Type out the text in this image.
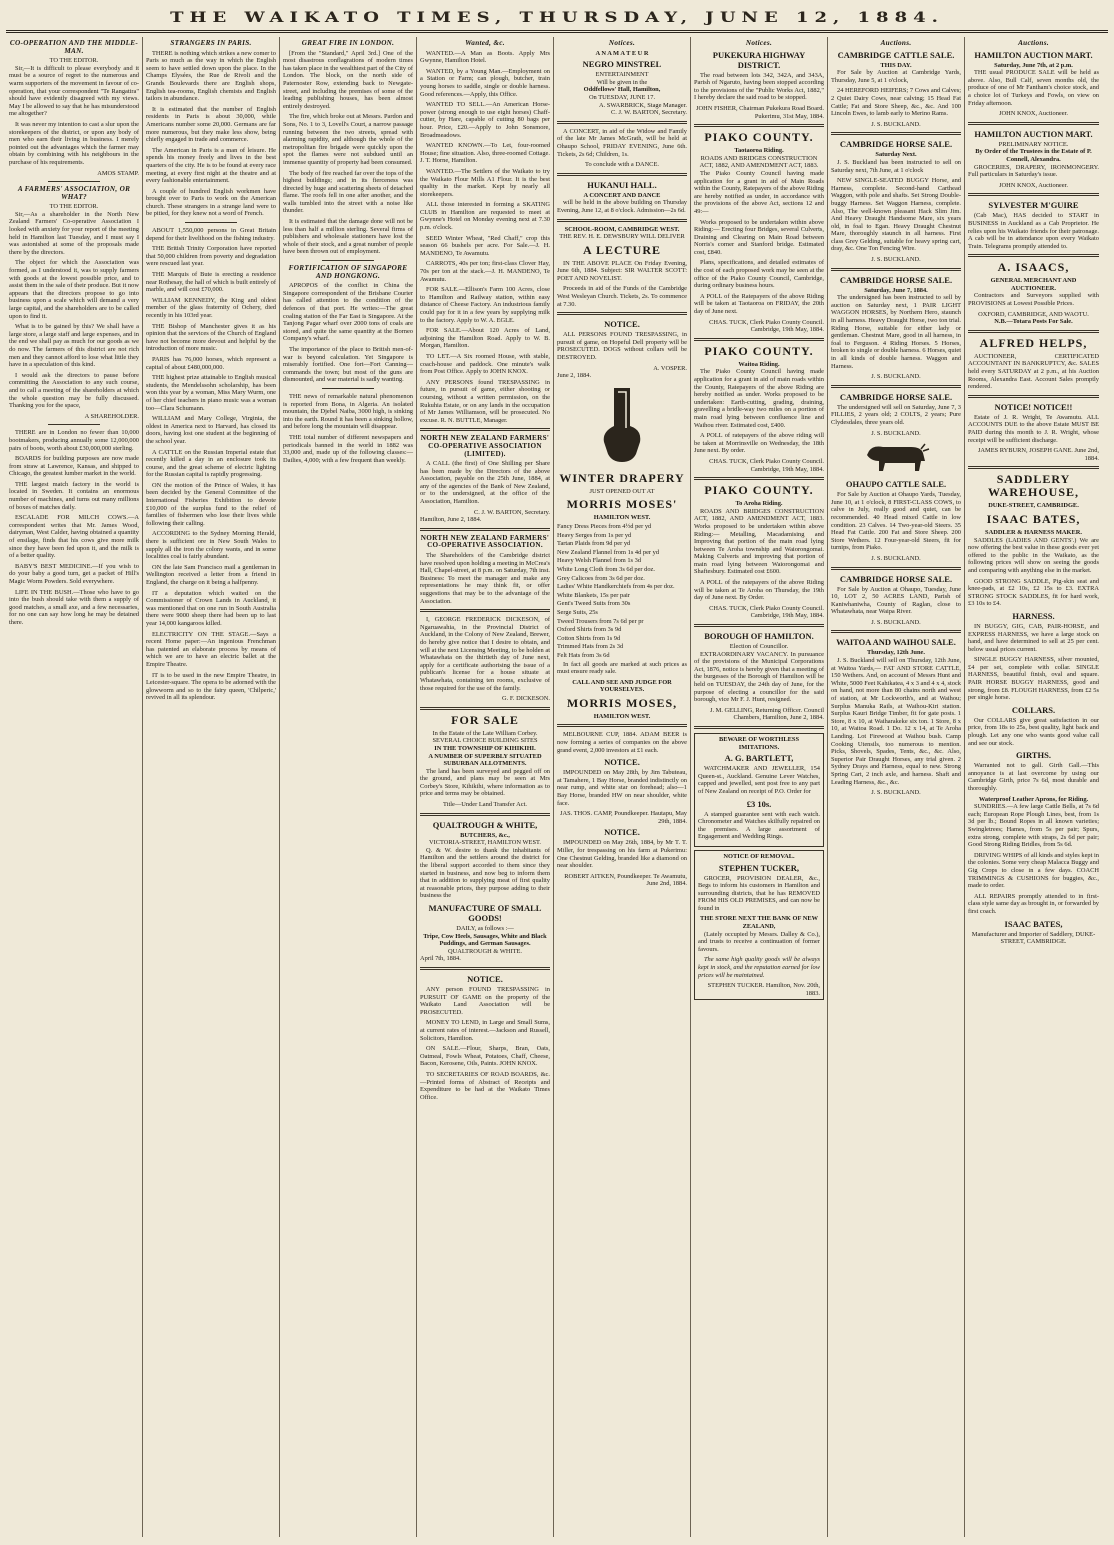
THE WAIKATO TIMES, THURSDAY, JUNE 12, 1884.
CO-OPERATION AND THE MIDDLE-MAN.
TO THE EDITOR.

Sir,—It is difficult to please everybody and it must be a source of regret to the numerous and warm supporters of the movement in favour of co-operation, that your correspondent "Te Rangatira" should have evidently disagreed with my views. May I be allowed to say that he has misunderstood me altogether?

It was never my intention to cast a slur upon the storekeepers of the district, or upon any body of men who earn their living in business. I merely pointed out the advantages which the farmer may obtain by combining with his neighbours in the purchase of his requirements.

AMOS STAMP.
A FARMERS' ASSOCIATION, OR WHAT?
TO THE EDITOR.

Sir,—As a shareholder in the North New Zealand Farmers' Co-operative Association I looked with anxiety for your report of the meeting held in Hamilton last Tuesday, and I must say I was astonished at some of the proposals made there by the directors.

The object for which the Association was formed, as I understood it, was to supply farmers with goods at the lowest possible price, and to assist them in the sale of their produce. But it now appears that the directors propose to go into business upon a scale which will demand a very large capital, and the shareholders are to be called upon to find it.

What is to be gained by this? We shall have a large store, a large staff and large expenses, and in the end we shall pay as much for our goods as we do now. The farmers of this district are not rich men and they cannot afford to lose what little they have in a speculation of this kind.

I would ask the directors to pause before committing the Association to any such course, and to call a meeting of the shareholders at which the whole question may be fully discussed. Thanking you for the space,

A SHAREHOLDER.

THERE are in London no fewer than 10,000 bootmakers, producing annually some 12,000,000 pairs of boots, worth about £30,000,000 sterling.

BOARDS for building purposes are now made from straw at Lawrence, Kansas, and shipped to Chicago, the greatest lumber market in the world.

THE largest match factory in the world is located in Sweden. It contains an enormous number of machines, and turns out many millions of boxes of matches daily.

ESCALADE FOR MILCH COWS.—A correspondent writes that Mr. James Wood, dairyman, West Calder, having obtained a quantity of ensilage, finds that his cows give more milk since they have been fed upon it, and the milk is of a better quality.

BABY'S BEST MEDICINE.—If you wish to do your baby a good turn, get a packet of Hill's Magic Worm Powders. Sold everywhere.

LIFE IN THE BUSH.—Those who have to go into the bush should take with them a supply of good matches, a small axe, and a few necessaries, for no one can say how long he may be detained there.

STRANGERS IN PARIS.

THERE is nothing which strikes a new comer to Paris so much as the way in which the English seem to have settled down upon the place. In the Champs Elysées, the Rue de Rivoli and the Grands Boulevards there are English shops, English tea-rooms, English chemists and English tailors in abundance.

It is estimated that the number of English residents in Paris is about 30,000, while Americans number some 20,000. Germans are far more numerous, but they make less show, being chiefly engaged in trade and commerce.

The American in Paris is a man of leisure. He spends his money freely and lives in the best quarters of the city. He is to be found at every race meeting, at every first night at the theatre and at every fashionable entertainment.

A couple of hundred English workmen have brought over to Paris to work on the American church. These strangers in a strange land were to be pitied, for they knew not a word of French.

ABOUT 1,550,000 persons in Great Britain depend for their livelihood on the fishing industry.

THE British Trinity Corporation have reported that 50,000 children from poverty and degradation were rescued last year.

THE Marquis of Bute is erecting a residence near Rothesay, the hall of which is built entirely of marble, and will cost £70,000.

WILLIAM KENNEDY, the King and oldest member of the glass fraternity of Ochery, died recently in his 103rd year.

THE Bishop of Manchester gives it as his opinion that the services of the Church of England have not become more devout and helpful by the introduction of more music.

PARIS has 76,000 horses, which represent a capital of about £480,000,000.

THE highest prize attainable to English musical students, the Mendelssohn scholarship, has been won this year by a woman, Miss Mary Wurm, one of her chief teachers in piano music was a woman too—Clara Schumann.

WILLIAM and Mary College, Virginia, the oldest in America next to Harvard, has closed its doors, having lost one student at the beginning of the school year.

A CATTLE on the Russian Imperial estate that recently killed a day in an enclosure took its course, and the great scheme of electric lighting for the Russian capital is rapidly progressing.

ON the motion of the Prince of Wales, it has been decided by the General Committee of the International Fisheries Exhibition to devote £10,000 of the surplus fund to the relief of families of fishermen who lose their lives while following their calling.

ACCORDING to the Sydney Morning Herald, there is sufficient ore in New South Wales to supply all the iron the colony wants, and in some localities coal is fairly abundant.

ON the late Sam Francisco mail a gentleman in Wellington received a letter from a friend in England, the charge on it being a halfpenny.

IT a deputation which waited on the Commissioner of Crown Lands in Auckland, it was mentioned that on one run in South Australia there were 9000 sheep there had been up to last year 14,000 kangaroos killed.

ELECTRICITY ON THE STAGE.—Says a recent Home paper:—An ingenious Frenchman has patented an elaborate process by means of which we are to have an electric ballet at the Empire Theatre.

IT is to be used in the new Empire Theatre, in Leicester-square. The opera to be adorned with the glowworm and so to the fairy queen, 'Chilperic,' revived in all its splendour.

GREAT FIRE IN LONDON.

[From the "Standard," April 3rd.] One of the most disastrous conflagrations of modern times has taken place in the wealthiest part of the City of London. The block, on the north side of Paternoster Row, extending back to Newgate-street, and including the premises of some of the leading publishing houses, has been almost entirely destroyed.

The fire, which broke out at Messrs. Pardon and Sons, No. 1 to 3, Lovell's Court, a narrow passage running between the two streets, spread with alarming rapidity, and although the whole of the metropolitan fire brigade were quickly upon the spot the flames were not subdued until an immense quantity of property had been consumed.

The body of fire reached far over the tops of the highest buildings; and in its fierceness was directed by huge and scattering sheets of detached flame. The roofs fell in one after another, and the walls tumbled into the street with a noise like thunder.

It is estimated that the damage done will not be less than half a million sterling. Several firms of publishers and wholesale stationers have lost the whole of their stock, and a great number of people have been thrown out of employment.

FORTIFICATION OF SINGAPORE AND HONGKONG.

APROPOS of the conflict in China the Singapore correspondent of the Brisbane Courier has called attention to the condition of the defences of that port. He writes:—The great coaling station of the Far East is Singapore. At the Tanjong Pagar wharf over 2000 tons of coals are stored, and quite the same quantity at the Borneo Company's wharf.

The importance of the place to British men-of-war is beyond calculation. Yet Singapore is miserably fortified. One fort—Fort Canning—commands the town; but most of the guns are dismounted, and war material is sadly wanting.

THE news of remarkable natural phenomenon is reported from Bona, in Algeria. An isolated mountain, the Djebel Naiba, 3000 high, is sinking into the earth. Round it has been a sinking hollow, and before long the mountain will disappear.

THE total number of different newspapers and periodicals banned in the world in 1882 was 33,000 and, made up of the following classes:—Dailies, 4,000; with a few frequent than weekly.

Wanted, &c.

WANTED.—A Man as Boots. Apply Mrs Gwynne, Hamilton Hotel.

WANTED, by a Young Man.—Employment on a Station or Farm; can plough, butcher, train young horses to saddle, single or double harness. Good references.—Apply, this Office.

WANTED TO SELL.—An American Horse-power (strong enough to use eight horses) Chaff-cutter, by Hare, capable of cutting 80 bags per hour. Price, £20.—Apply to John Sonsmore, Broadmeadows.

WANTED KNOWN.—To Let, four-roomed House; fine situation. Also, three-roomed Cottage. J. T. Horne, Hamilton.

WANTED.—The Settlers of the Waikato to try the Waikato Flour Mills A1 Flour. It is the best quality in the market. Kept by nearly all storekeepers.

ALL those interested in forming a SKATING CLUB in Hamilton are requested to meet at Gwynne's Hotel on Monday evening next at 7.30 p.m. o'clock.

SEED Winter Wheat, "Red Chaff," crop this season 66 bushels per acre. For Sale.—J. H. MANDENO, Te Awamutu.

CARROTS, 40s per ton; first-class Clover Hay, 70s per ton at the stack.—J. H. MANDENO, Te Awamutu.

FOR SALE.—Ellison's Farm 100 Acres, close to Hamilton and Railway station, within easy distance of Cheese Factory. An industrious family could pay for it in a few years by supplying milk to the factory. Apply to W. A. EGLE.

FOR SALE.—About 120 Acres of Land, adjoining the Hamilton Road. Apply to W. B. Morgan, Hamilton.

TO LET.—A Six roomed House, with stable, coach-house and paddock. One minute's walk from Post Office. Apply to JOHN KNOX.

ANY PERSONS found TRESPASSING in future, in pursuit of game, either shooting or coursing, without a written permission, on the Rukuhia Estate, or on any lands in the occupation of Mr James Williamson, will be prosecuted. No excuse. R. N. BUTTLE, Manager.

NORTH NEW ZEALAND FARMERS' CO-OPERATIVE ASSOCIATION (LIMITED).

A CALL (the first) of One Shilling per Share has been made by the Directors of the above Association, payable on the 25th June, 1884, at any of the agencies of the Bank of New Zealand, or to the undersigned, at the office of the Association, Hamilton.

C. J. W. BARTON, Secretary.
Hamilton, June 2, 1884.
NORTH NEW ZEALAND FARMERS' CO-OPERATIVE ASSOCIATION.

The Shareholders of the Cambridge district have resolved upon holding a meeting in McCrea's Hall, Chapel-street, at 8 p.m. on Saturday, 7th inst. Business: To meet the manager and make any representations he may think fit, or offer suggestions that may be to the advantage of the Association.

I, GEORGE FREDERICK DICKESON, of Ngaruawahia, in the Provincial District of Auckland, in the Colony of New Zealand, Brewer, do hereby give notice that I desire to obtain, and will at the next Licensing Meeting, to be holden at Whatawhata on the thirtieth day of June next, apply for a certificate authorising the issue of a publican's license for a house situate at Whatawhata, containing ten rooms, exclusive of those required for the use of the family.

G. F. DICKESON.
FOR SALE
In the Estate of the Late William Corbey.
SEVERAL CHOICE BUILDING SITES
IN THE TOWNSHIP OF KIHIKIHI.
A NUMBER OF SUPERBLY SITUATED SUBURBAN ALLOTMENTS.

The land has been surveyed and pegged off on the ground, and plans may be seen at Mrs Corbey's Store, Kihikihi, where information as to price and terms may be obtained.

Title—Under Land Transfer Act.
QUALTROUGH & WHITE,
BUTCHERS, &c.,
VICTORIA-STREET, HAMILTON WEST.

Q. & W. desire to thank the inhabitants of Hamilton and the settlers around the district for the liberal support accorded to them since they started in business, and now beg to inform them that in addition to supplying meat of first quality at reasonable prices, they purpose adding to their business the

MANUFACTURE OF SMALL GOODS!
DAILY, as follows :—
Tripe, Cow Heels, Sausages, White and Black Puddings, and German Sausages.
QUALTROUGH & WHITE.
April 7th, 1884.
NOTICE.

ANY person FOUND TRESPASSING in PURSUIT OF GAME on the property of the Waikato Land Association will be PROSECUTED.

MONEY TO LEND, in Large and Small Sums, at current rates of interest.—Jackson and Russell, Solicitors, Hamilton.

ON SALE.—Flour, Sharps, Bran, Oats, Oatmeal, Fowls Wheat, Potatoes, Chaff, Cheese, Bacon, Kerosene, Oils, Paints. JOHN KNOX.

TO SECRETARIES OF ROAD BOARDS, &c.—Printed forms of Abstract of Receipts and Expenditure to be had at the Waikato Times Office.

Notices.
A N A M A T E U R
NEGRO MINSTREL
ENTERTAINMENT
Will be given in the
Oddfellows' Hall, Hamilton,
On TUESDAY, JUNE 17.
A. SWARBRICK, Stage Manager.
C. J. W. BARTON, Secretary.

A CONCERT, in aid of the Widow and Family of the late Mr James McGrath, will be held at Ohaupo School, FRIDAY EVENING, June 6th. Tickets, 2s 6d; Children, 1s.

To conclude with a DANCE.
HUKANUI HALL.
A CONCERT AND DANCE

will be held in the above building on Thursday Evening, June 12, at 8 o'clock. Admission—2s 6d.

SCHOOL-ROOM, CAMBRIDGE WEST.
THE REV. H. E. DEWSBURY WILL DELIVER
A LECTURE

IN THE ABOVE PLACE On Friday Evening, June 6th, 1884. Subject: SIR WALTER SCOTT: POET AND NOVELIST.

Proceeds in aid of the Funds of the Cambridge West Wesleyan Church. Tickets, 2s. To commence at 7.30.

NOTICE.

ALL PERSONS FOUND TRESPASSING, in pursuit of game, on Hopeful Dell property will be PROSECUTED. DOGS without collars will be DESTROYED.

A. VOSPER.
June 2, 1884.
WINTER DRAPERY
JUST OPENED OUT AT
MORRIS MOSES'
HAMILTON WEST.
Fancy Dress Pieces from 4½d per yd
Heavy Serges from 1s per yd
Tartan Plaids from 9d per yd
New Zealand Flannel from 1s 4d per yd
Heavy Welsh Flannel from 1s 3d
White Long Cloth from 3s 6d per doz.
Grey Calicoes from 3s 6d per doz.
Ladies' White Handkerchiefs from 4s per doz.
White Blankets, 15s per pair
Gent's Tweed Suits from 30s
Serge Suits, 25s
Tweed Trousers from 7s 6d per pr
Oxford Shirts from 3s 9d
Cotton Shirts from 1s 9d
Trimmed Hats from 2s 3d
Felt Hats from 3s 6d

In fact all goods are marked at such prices as must ensure ready sale.

CALL AND SEE AND JUDGE FOR YOURSELVES.
MORRIS MOSES,
HAMILTON WEST.

MELBOURNE CUP, 1884. ADAM BEER is now forming a series of companies on the above grand event, 2,000 investors at £1 each.

NOTICE.

IMPOUNDED on May 28th, by Jim Tabuteau, at Tamahere, 1 Bay Horse, branded indistinctly on near rump, and white star on forehead; also—1 Bay Horse, branded HW on near shoulder, white face.

JAS. THOS. CAMP, Poundkeeper. Hautapu, May 29th, 1884.
NOTICE.

IMPOUNDED on May 26th, 1884, by Mr T. T. Miller, for trespassing on his farm at Pukerimu: One Chestnut Gelding, branded like a diamond on near shoulder.

ROBERT AITKEN, Poundkeeper. Te Awamutu, June 2nd, 1884.
Notices.
PUKEKURA HIGHWAY DISTRICT.

The road between lots 342, 342A, and 343A, Parish of Ngaruto, having been stopped according to the provisions of the "Public Works Act, 1882," I hereby declare the said road to be stopped.

JOHN FISHER, Chairman Pukekura Road Board. Pukerimu, 31st May, 1884.
PIAKO COUNTY.
Taotaoroa Riding.
ROADS AND BRIDGES CONSTRUCTION ACT, 1882, AND AMENDMENT ACT, 1883.

The Piako County Council having made application for a grant in aid of Main Roads within the County, Ratepayers of the above Riding are hereby notified as under, in accordance with the provisions of the above Act, sections 12 and 49:—

Works proposed to be undertaken within above Riding:— Erecting four Bridges, several Culverts, Draining and Clearing on Main Road between Norris's corner and Stanford bridge. Estimated cost, £840.

Plans, specifications, and detailed estimates of the cost of each proposed work may be seen at the office of the Piako County Council, Cambridge, during ordinary business hours.

A POLL of the Ratepayers of the above Riding will be taken at Taotaoroa on FRIDAY, the 20th day of June next.

CHAS. TUCK, Clerk Piako County Council. Cambridge, 19th May, 1884.
PIAKO COUNTY.
Waitoa Riding.

The Piako County Council having made application for a grant in aid of main roads within the County, Ratepayers of the above Riding are hereby notified as under. Works proposed to be undertaken: Earth-cutting, grading, draining, gravelling a bridle-way two miles on a portion of main road lying between confluence line and Waihou river. Estimated cost, £400.

A POLL of ratepayers of the above riding will be taken at Morrinsville on Wednesday, the 18th June next. By order.

CHAS. TUCK, Clerk Piako County Council. Cambridge, 19th May, 1884.
PIAKO COUNTY.
To Aroha Riding.

ROADS AND BRIDGES CONSTRUCTION ACT, 1882, AND AMENDMENT ACT, 1883. Works proposed to be undertaken within above Riding:— Metalling, Macadamising and Improving that portion of the main road lying between Te Aroha township and Waiorongomai. Making Culverts and improving that portion of main road lying between Waiorongomai and Shaftesbury. Estimated cost £600.

A POLL of the ratepayers of the above Riding will be taken at Te Aroha on Thursday, the 19th day of June next. By Order.

CHAS. TUCK, Clerk Piako County Council. Cambridge, 19th May, 1884.
BOROUGH OF HAMILTON.
Election of Councillor.

EXTRAORDINARY VACANCY. In pursuance of the provisions of the Municipal Corporations Act, 1876, notice is hereby given that a meeting of the burgesses of the Borough of Hamilton will be held on TUESDAY, the 24th day of June, for the purpose of electing a councillor for the said borough, vice Mr F. J. Hunt, resigned.

J. M. GELLING, Returning Officer. Council Chambers, Hamilton, June 2, 1884.
BEWARE OF WORTHLESS IMITATIONS.
A. G. BARTLETT,

WATCHMAKER AND JEWELLER, 154 Queen-st., Auckland. Genuine Lever Watches, capped and jewelled, sent post free to any part of New Zealand on receipt of P.O. Order for

£3 10s.

A stamped guarantee sent with each watch. Chronometer and Watches skilfully repaired on the premises. A large assortment of Engagement and Wedding Rings.

NOTICE OF REMOVAL.
STEPHEN TUCKER,

GROCER, PROVISION DEALER, &c., Begs to inform his customers in Hamilton and surrounding districts, that he has REMOVED FROM HIS OLD PREMISES, and can now be found in

THE STORE NEXT THE BANK OF NEW ZEALAND,

(Lately occupied by Messrs. Dalley & Co.), and trusts to receive a continuation of former favours.

The same high quality goods will be always kept in stock, and the reputation earned for low prices will be maintained.

STEPHEN TUCKER. Hamilton, Nov. 20th, 1883.
Auctions.
CAMBRIDGE CATTLE SALE.
THIS DAY.

For Sale by Auction at Cambridge Yards, Thursday, June 5, at 1 o'clock,

24 HEREFORD HEIFERS; 7 Cows and Calves; 2 Quiet Dairy Cows, near calving; 15 Head Fat Cattle; Fat and Store Sheep, &c., &c. And 100 Lincoln Ewes, to lamb early to Merino Rams.

J. S. BUCKLAND.
CAMBRIDGE HORSE SALE.
Saturday Next.

J. S. Buckland has been instructed to sell on Saturday next, 7th June, at 1 o'clock

NEW SINGLE-SEATED BUGGY Horse, and Harness, complete. Second-hand Carthead Waggon, with pole and shafts. Set Strong Double-buggy Harness. Set Waggon Harness, complete. Also, The well-known pleasant Hack Slim Jim. And Heavy Draught Handsome Mare, six years old, in foal to Egan. Heavy Draught Chestnut Mare, thoroughly staunch in all harness. First class Grey Gelding, suitable for heavy spring cart, dray, &c. One Ton Fencing Wire.

J. S. BUCKLAND.
CAMBRIDGE HORSE SALE.
Saturday, June 7, 1884.

The undersigned has been instructed to sell by auction on Saturday next, 1 PAIR LIGHT WAGGON HORSES, by Northern Hero, staunch in all harness. Heavy Draught Horse, two ton trial. Riding Horse, suitable for either lady or gentleman. Chestnut Mare, good in all harness, in foal to Ferguson. 4 Riding Horses. 5 Horses, broken to single or double harness. 6 Horses, quiet in all kinds of double harness. Waggon and Harness.

J. S. BUCKLAND.
CAMBRIDGE HORSE SALE.

The undersigned will sell on Saturday, June 7, 3 FILLIES, 2 years old; 2 COLTS, 2 years; Pure Clydesdales, three years old.

J. S. BUCKLAND.
OHAUPO CATTLE SALE.

For Sale by Auction at Ohaupo Yards, Tuesday, June 10, at 1 o'clock, 8 FIRST-CLASS COWS, to calve in July, really good and quiet, can be recommended. 40 Head mixed Cattle in low condition. 23 Calves. 14 Two-year-old Steers. 35 Head Fat Cattle. 200 Fat and Store Sheep. 200 Store Wethers. 12 Four-year-old Steers, fit for turnips, from Piako.

J. S. BUCKLAND.
CAMBRIDGE HORSE SALE.

For Sale by Auction at Ohaupo, Tuesday, June 10, LOT 2, 50 ACRES LAND, Parish of Kaniwhaniwha, County of Raglan, close to Whatawhata, near Waipa River.

J. S. BUCKLAND.
WAITOA AND WAIHOU SALE.
Thursday, 12th June.

J. S. Buckland will sell on Thursday, 12th June, at Waitoa Yards,— FAT AND STORE CATTLE, 150 Wethers. And, on account of Messrs Hunt and White, 5000 Feet Kahikatea, 4 x 3 and 4 x 4, stock on hand, not more than 80 chains north and west of station, at Mr Lockworth's, and at Waihou; Surplus Manuka Rails, at Waihou-Kiri station. Surplus Kauri Bridge Timber, fit for gate posts. 1 Store, 8 x 10, at Waiharakeke six ton. 1 Store, 8 x 10, at Waitoa Road. 1 Do. 12 x 14, at Te Aroha Landing. Lot Firewood at Waihou bush. Camp Cooking Utensils, too numerous to mention. Picks, Shovels, Spades, Tents, &c., &c. Also, Superior Pair Draught Horses, any trial given. 2 Sydney Drays and Harness, equal to new. Strong Spring Cart, 2 inch axle, and harness. Shaft and Leading Harness, &c., &c.

J. S. BUCKLAND.
Auctions.
HAMILTON AUCTION MART.
Saturday, June 7th, at 2 p.m.

THE usual PRODUCE SALE will be held as above. Also, Bull Calf, seven months old, the produce of one of Mr Fantham's choice stock, and a choice lot of Turkeys and Fowls, on view on Friday afternoon.

JOHN KNOX, Auctioneer.
HAMILTON AUCTION MART.
PRELIMINARY NOTICE.
By Order of the Trustees in the Estate of P. Connell, Alexandra.

GROCERIES, DRAPERY, IRONMONGERY. Full particulars in Saturday's issue.

JOHN KNOX, Auctioneer.
SYLVESTER M'GUIRE

(Cab Mac), HAS decided to START in BUSINESS in Auckland as a Cab Proprietor. He relies upon his Waikato friends for their patronage. A cab will be in attendance upon every Waikato Train. Telegrams promptly attended to.

A. ISAACS,
GENERAL MERCHANT AND AUCTIONEER.

Contractors and Surveyors supplied with PROVISIONS at Lowest Possible Prices.

OXFORD, CAMBRIDGE, AND WAOTU.
N.B.—Totara Posts For Sale.
ALFRED HELPS,

AUCTIONEER, CERTIFICATED ACCOUNTANT IN BANKRUPTCY, &c. SALES held every SATURDAY at 2 p.m., at his Auction Rooms, Alexandra East. Account Sales promptly rendered.

NOTICE! NOTICE!!

Estate of J. R. Wright, Te Awamutu. ALL ACCOUNTS DUE to the above Estate MUST BE PAID during this month to J. R. Wright, whose receipt will be sufficient discharge.

JAMES RYBURN, JOSEPH GANE. June 2nd, 1884.
SADDLERY WAREHOUSE,
DUKE-STREET, CAMBRIDGE.
ISAAC BATES,
SADDLER & HARNESS MAKER.

SADDLES (LADIES AND GENTS'.) We are now offering the best value in these goods ever yet offered to the public in the Waikato, as the following prices will show on seeing the goods and comparing with anything else in the market.

GOOD STRONG SADDLE, Pig-skin seat and knee-pads, at £2 10s, £2 15s to £3. EXTRA STRONG STOCK SADDLES, fit for hard work, £3 10s to £4.

HARNESS.

IN BUGGY, GIG, CAB, PAIR-HORSE, and EXPRESS HARNESS, we have a large stock on hand, and have determined to sell at 25 per cent. below usual prices current.

SINGLE BUGGY HARNESS, silver mounted, £4 per set, complete with collar. SINGLE HARNESS, beautiful finish, oval and square. PAIR HORSE BUGGY HARNESS, good and strong, from £8. FLOUGH HARNESS, from £2 5s per single horse.

COLLARS.

Our COLLARS give great satisfaction in our price, from 18s to 25s, best quality, light back and plough. Let any one who wants good value call and see our stock.

GIRTHS.

Warranted not to gall. Girth Gall.—This annoyance is at last overcome by using our Cambridge Girth, price 7s 6d, most durable and thoroughly.

Waterproof Leather Aprons, for Riding.

SUNDRIES.—A few large Cattle Bells, at 7s 6d each; European Rope Plough Lines, best, from 1s 3d per lb.; Bound Ropes in all known varieties; Swingletrees; Hames, from 5s per pair; Spurs, extra strong, complete with straps, 2s 6d per pair; Good Strong Riding Bridles, from 5s 6d.

DRIVING WHIPS of all kinds and styles kept in the colonies. Some very cheap Malacca Buggy and Gig Crops to close in a few days. COACH TRIMMINGS & CUSHIONS for buggies, &c., made to order.

ALL REPAIRS promptly attended to in first-class style same day as brought in, or forwarded by first coach.

ISAAC BATES,
Manufacturer and Importer of Saddlery, DUKE-STREET, CAMBRIDGE.
